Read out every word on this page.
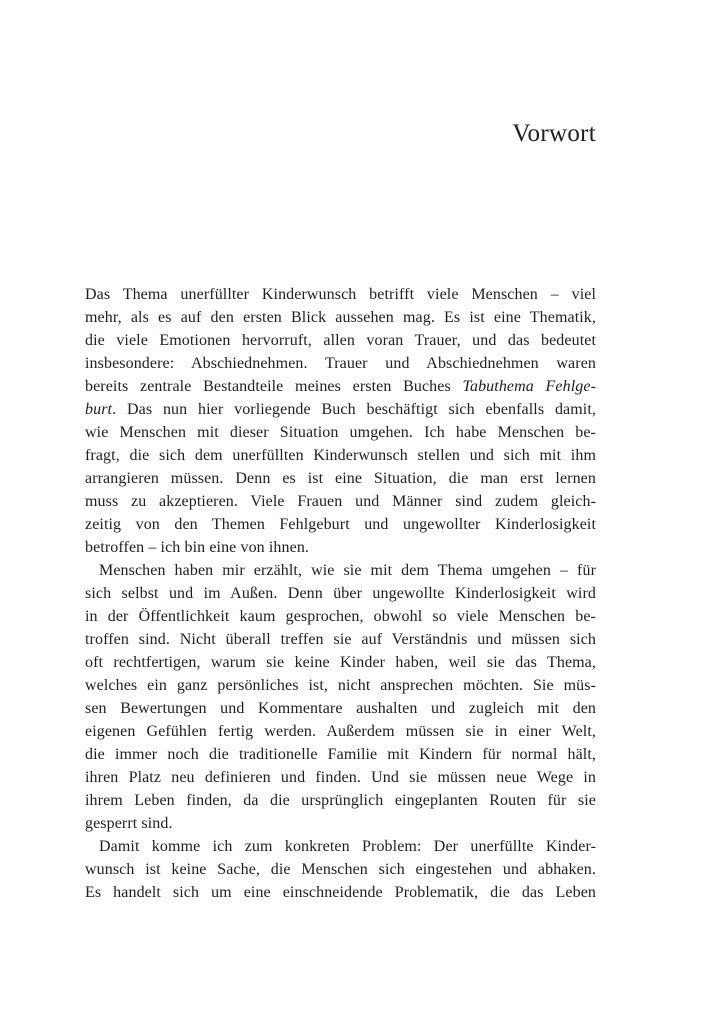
Vorwort
Das Thema unerfüllter Kinderwunsch betrifft viele Menschen – viel
mehr, als es auf den ersten Blick aussehen mag. Es ist eine Thematik,
die viele Emotionen hervorruft, allen voran Trauer, und das bedeutet
insbesondere: Abschiednehmen. Trauer und Abschiednehmen waren
bereits zentrale Bestandteile meines ersten Buches Tabuthema Fehlge-
burt. Das nun hier vorliegende Buch beschäftigt sich ebenfalls damit,
wie Menschen mit dieser Situation umgehen. Ich habe Menschen be-
fragt, die sich dem unerfüllten Kinderwunsch stellen und sich mit ihm
arrangieren müssen. Denn es ist eine Situation, die man erst lernen
muss zu akzeptieren. Viele Frauen und Männer sind zudem gleich-
zeitig von den Themen Fehlgeburt und ungewollter Kinderlosigkeit
betroffen – ich bin eine von ihnen.
Menschen haben mir erzählt, wie sie mit dem Thema umgehen – für
sich selbst und im Außen. Denn über ungewollte Kinderlosigkeit wird
in der Öffentlichkeit kaum gesprochen, obwohl so viele Menschen be-
troffen sind. Nicht überall treffen sie auf Verständnis und müssen sich
oft rechtfertigen, warum sie keine Kinder haben, weil sie das Thema,
welches ein ganz persönliches ist, nicht ansprechen möchten. Sie müs-
sen Bewertungen und Kommentare aushalten und zugleich mit den
eigenen Gefühlen fertig werden. Außerdem müssen sie in einer Welt,
die immer noch die traditionelle Familie mit Kindern für normal hält,
ihren Platz neu definieren und finden. Und sie müssen neue Wege in
ihrem Leben finden, da die ursprünglich eingeplanten Routen für sie
gesperrt sind.
Damit komme ich zum konkreten Problem: Der unerfüllte Kinder-
wunsch ist keine Sache, die Menschen sich eingestehen und abhaken.
Es handelt sich um eine einschneidende Problematik, die das Leben
